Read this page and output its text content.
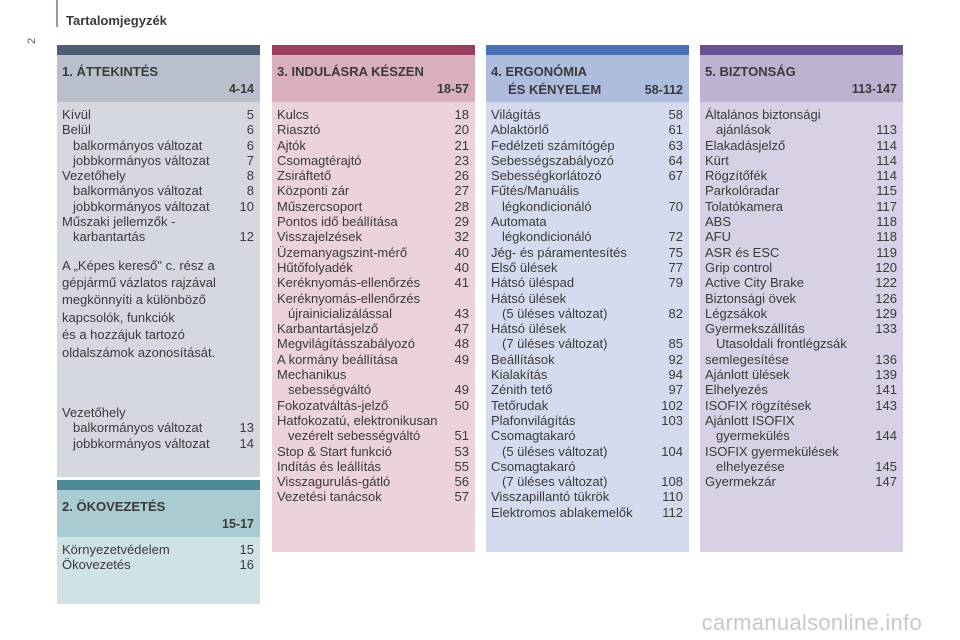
Tartalomjegyzék
2
1. ÁTTEKINTÉS
4-14
Kívül	5
Belül	6
balkormányos változat	6
jobbkormányos változat	7
Vezetőhely	8
balkormányos változat	8
jobbkormányos változat 10
Műszaki jellemzők -
karbantartás	12
A „Képes kereső" c. rész a
gépjármű vázlatos rajzával
megkönnyíti a különböző
kapcsolók, funkciók
és a hozzájuk tartozó
oldalszámok azonosítását.
Vezetőhely
balkormányos változat	13
jobbkormányos változat 14
2. ÖKOVEZETÉS
15-17
Környezetvédelem	15
Ökovezetés	16
3. INDULÁSRA KÉSZEN
18-57
Kulcs	18
Riasztó	20
Ajtók	21
Csomagtérajtó	23
Zsiráftető	26
Központi zár	27
Műszercsoport	28
Pontos idő beállítása	29
Visszajelzések	32
Üzemanyagszint-mérő	40
Hűtőfolyadék	40
Keréknyomás-ellenőrzés	41
Keréknyomás-ellenőrzés
újrainicializálással	43
Karbantartásjelző	47
Megvilágításszabályozó	48
A kormány beállítása	49
Mechanikus
sebességváltó	49
Fokozatváltás-jelző	50
Hatfokozatú, elektronikusan
vezérelt sebességváltó	51
Stop & Start funkció	53
Indítás és leállítás	55
Visszagurulás-gátló	56
Vezetési tanácsok	57
4. ERGONÓMIA
ÉS KÉNYELEM	58-112
Világítás	58
Ablaktörlő	61
Fedélzeti számítógép	63
Sebességszabályozó	64
Sebességkorlátozó	67
Fűtés/Manuális
légkondicionáló	70
Automata
légkondicionáló	72
Jég- és páramentesítés	75
Első ülések	77
Hátsó üléspad	79
Hátsó ülések
(5 üléses változat)	82
Hátsó ülések
(7 üléses változat)	85
Beállítások	92
Kialakítás	94
Zénith tető	97
Tetőrudak	102
Plafonvilágítás	103
Csomagtakaró
(5 üléses változat)	104
Csomagtakaró
(7 üléses változat)	108
Visszapillantó tükrök	110
Elektromos ablakemelők 112
5. BIZTONSÁG
113-147
Általános biztonsági
ajánlások	113
Elakadásjelző	114
Kürt	114
Rögzítőfék	114
Parkolóradar	115
Tolatókamera	117
ABS	118
AFU	118
ASR és ESC	119
Grip control	120
Active City Brake	122
Biztonsági övek	126
Légzsákok	129
Gyermekszállítás	133
Utasoldali frontlégzsák
semlegesítése	136
Ajánlott ülések	139
Elhelyezés	141
ISOFIX rögzítések	143
Ajánlott ISOFIX
gyermekülés	144
ISOFIX gyermekülések
elhelyezése	145
Gyermekzár	147
carmanualsonline.info
